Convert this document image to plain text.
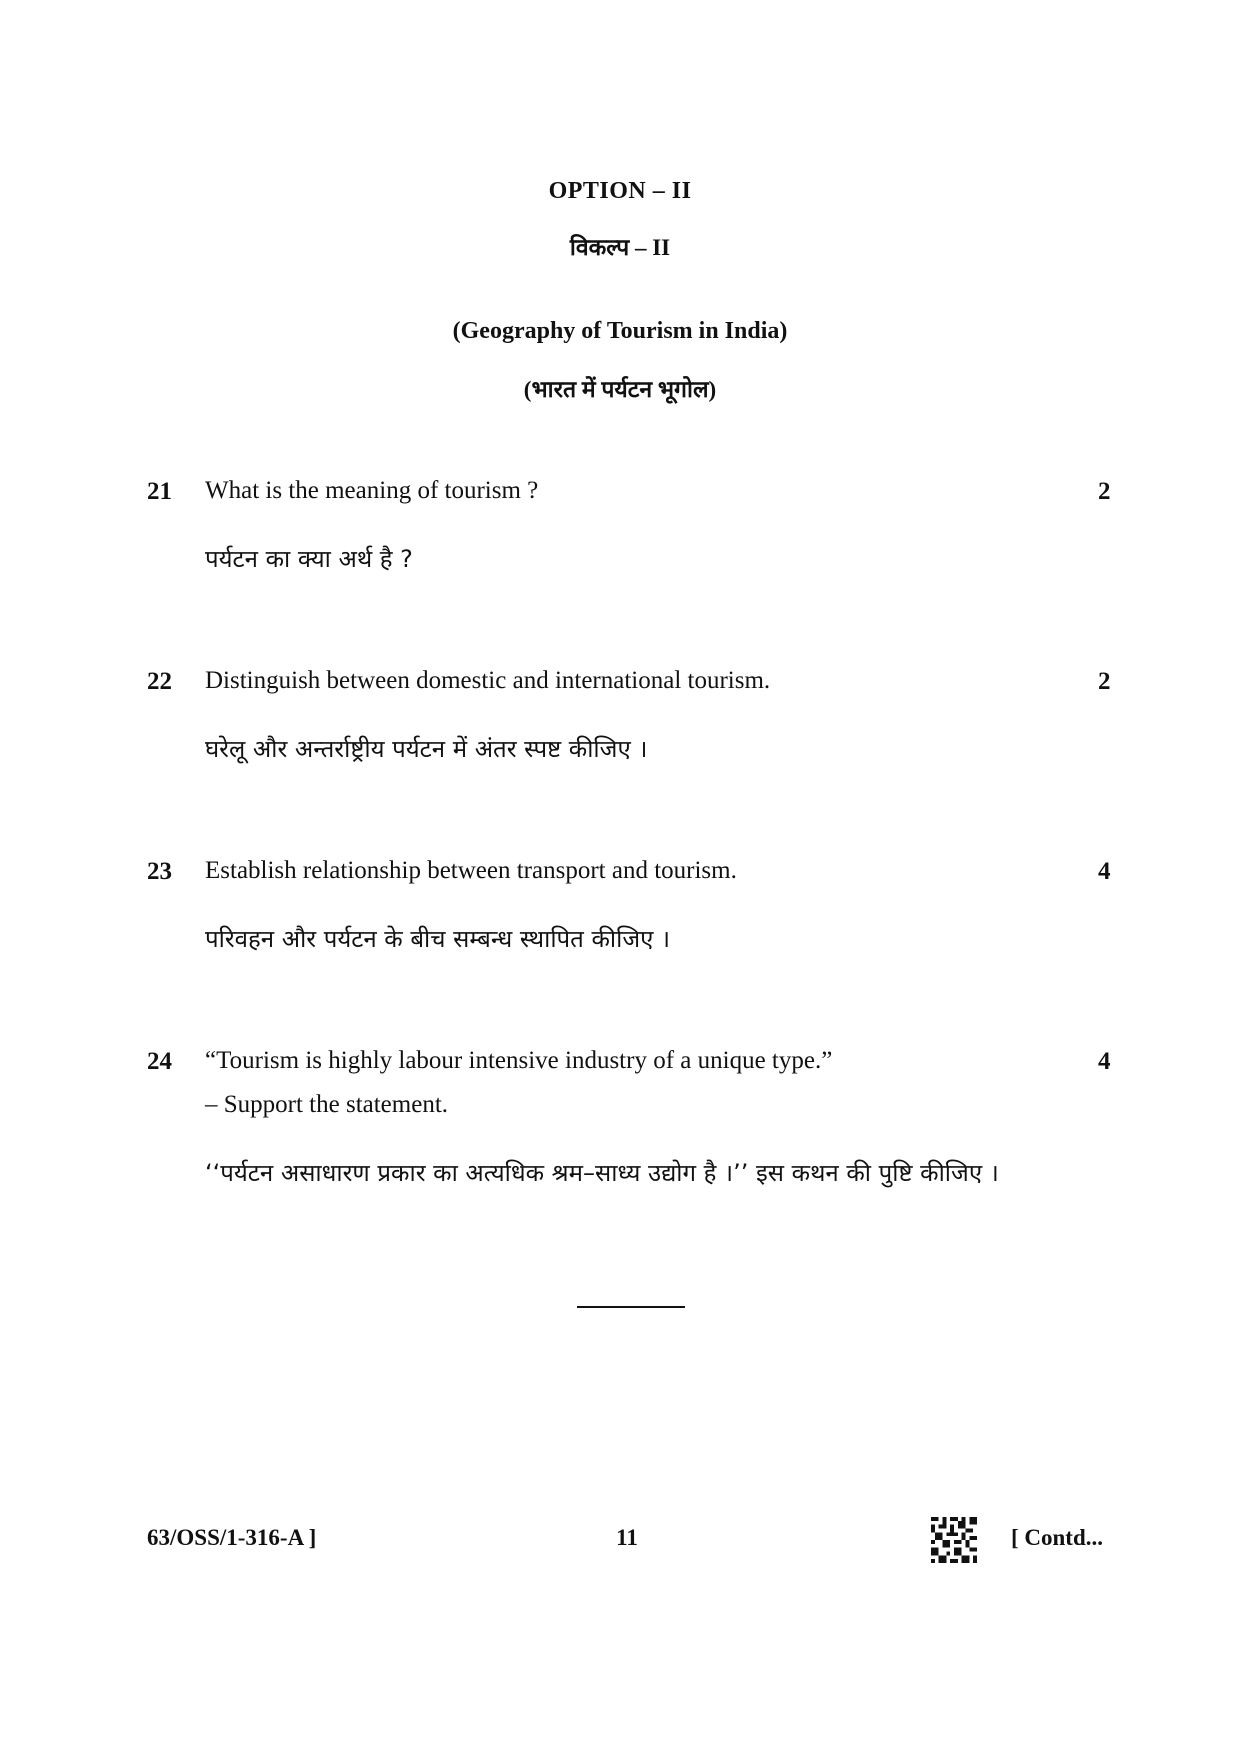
OPTION – II
विकल्प – II
(Geography of Tourism in India)
(भारत में पर्यटन भूगोल)
21 What is the meaning of tourism ?	2
पर्यटन का क्या अर्थ है ?
22 Distinguish between domestic and international tourism.	2
घरेलू और अन्तर्राष्ट्रीय पर्यटन में अंतर स्पष्ट कीजिए ।
23 Establish relationship between transport and tourism.	4
परिवहन और पर्यटन के बीच सम्बन्ध स्थापित कीजिए ।
24 “Tourism is highly labour intensive industry of a unique type.”
– Support the statement.
4
‘‘पर्यटन असाधारण प्रकार का अत्यधिक श्रम–साध्य उद्योग है ।’’ इस कथन की पुष्टि कीजिए ।
63/OSS/1-316-A ]	11	[ Contd...
